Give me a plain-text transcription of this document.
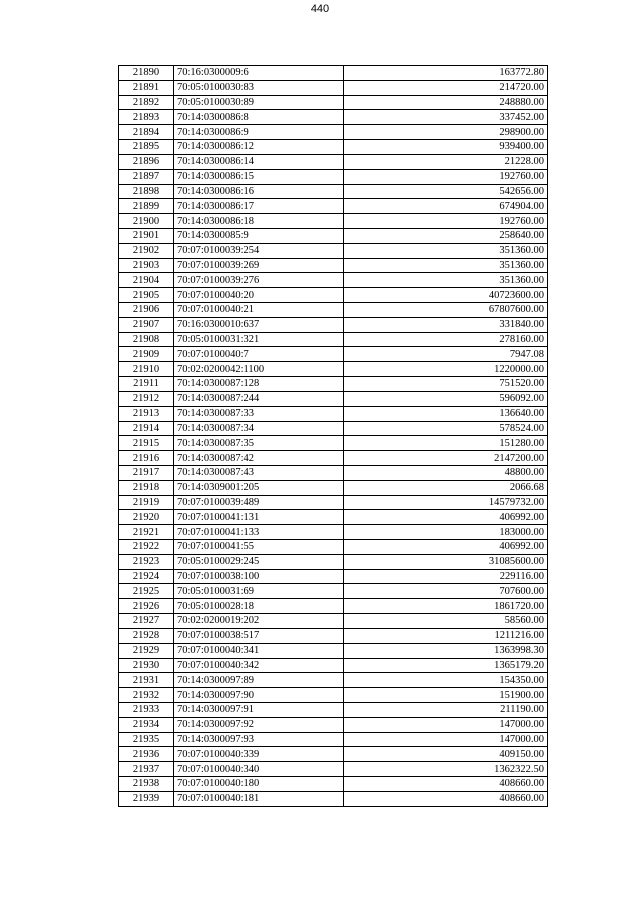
440
21890	70:16:0300009:6	163772.80
21891	70:05:0100030:83	214720.00
21892	70:05:0100030:89	248880.00
21893	70:14:0300086:8	337452.00
21894	70:14:0300086:9	298900.00
21895	70:14:0300086:12	939400.00
21896	70:14:0300086:14	21228.00
21897	70:14:0300086:15	192760.00
21898	70:14:0300086:16	542656.00
21899	70:14:0300086:17	674904.00
21900	70:14:0300086:18	192760.00
21901	70:14:0300085:9	258640.00
21902	70:07:0100039:254	351360.00
21903	70:07:0100039:269	351360.00
21904	70:07:0100039:276	351360.00
21905	70:07:0100040:20	40723600.00
21906	70:07:0100040:21	67807600.00
21907	70:16:0300010:637	331840.00
21908	70:05:0100031:321	278160.00
21909	70:07:0100040:7	7947.08
21910	70:02:0200042:1100	1220000.00
21911	70:14:0300087:128	751520.00
21912	70:14:0300087:244	596092.00
21913	70:14:0300087:33	136640.00
21914	70:14:0300087:34	578524.00
21915	70:14:0300087:35	151280.00
21916	70:14:0300087:42	2147200.00
21917	70:14:0300087:43	48800.00
21918	70:14:0309001:205	2066.68
21919	70:07:0100039:489	14579732.00
21920	70:07:0100041:131	406992.00
21921	70:07:0100041:133	183000.00
21922	70:07:0100041:55	406992.00
21923	70:05:0100029:245	31085600.00
21924	70:07:0100038:100	229116.00
21925	70:05:0100031:69	707600.00
21926	70:05:0100028:18	1861720.00
21927	70:02:0200019:202	58560.00
21928	70:07:0100038:517	1211216.00
21929	70:07:0100040:341	1363998.30
21930	70:07:0100040:342	1365179.20
21931	70:14:0300097:89	154350.00
21932	70:14:0300097:90	151900.00
21933	70:14:0300097:91	211190.00
21934	70:14:0300097:92	147000.00
21935	70:14:0300097:93	147000.00
21936	70:07:0100040:339	409150.00
21937	70:07:0100040:340	1362322.50
21938	70:07:0100040:180	408660.00
21939	70:07:0100040:181	408660.00
